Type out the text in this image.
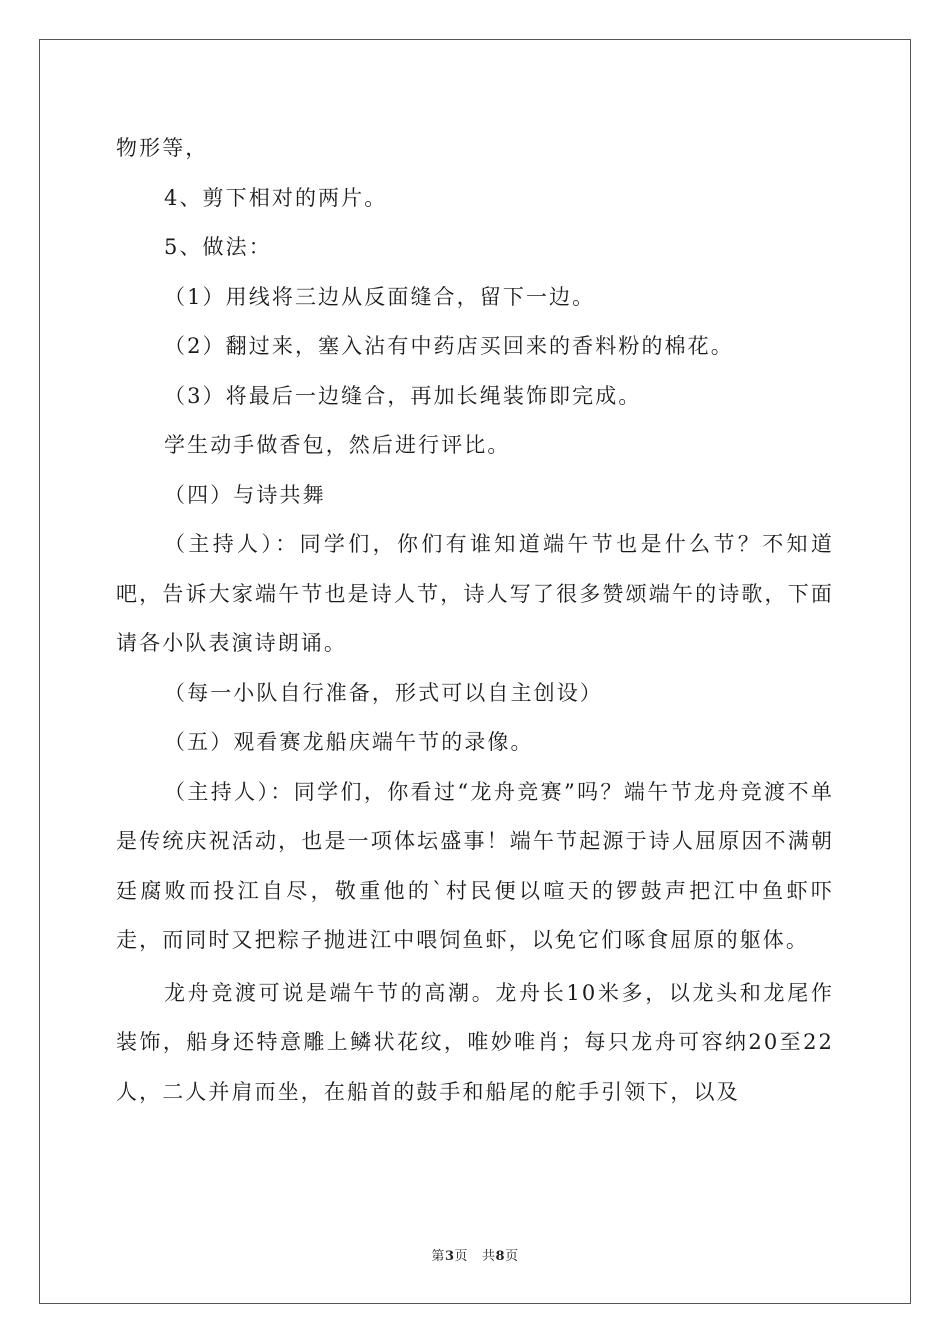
物形等，

4、剪下相对的两片。

5、做法：

（1）用线将三边从反面缝合，留下一边。

（2）翻过来，塞入沾有中药店买回来的香料粉的棉花。

（3）将最后一边缝合，再加长绳装饰即完成。

学生动手做香包，然后进行评比。

（四）与诗共舞

（主持人）：同学们，你们有谁知道端午节也是什么节？不知道吧，告诉大家端午节也是诗人节，诗人写了很多赞颂端午的诗歌，下面请各小队表演诗朗诵。

（每一小队自行准备，形式可以自主创设）

（五）观看赛龙船庆端午节的录像。

（主持人）：同学们，你看过“龙舟竞赛”吗？端午节龙舟竞渡不单是传统庆祝活动，也是一项体坛盛事！端午节起源于诗人屈原因不满朝廷腐败而投江自尽，敬重他的`村民便以喧天的锣鼓声把江中鱼虾吓走，而同时又把粽子抛进江中喂饲鱼虾，以免它们啄食屈原的躯体。

龙舟竞渡可说是端午节的高潮。龙舟长10米多，以龙头和龙尾作装饰，船身还特意雕上鳞状花纹，唯妙唯肖；每只龙舟可容纳20至22人，二人并肩而坐，在船首的鼓手和船尾的舵手引领下，以及

第3页 共8页
